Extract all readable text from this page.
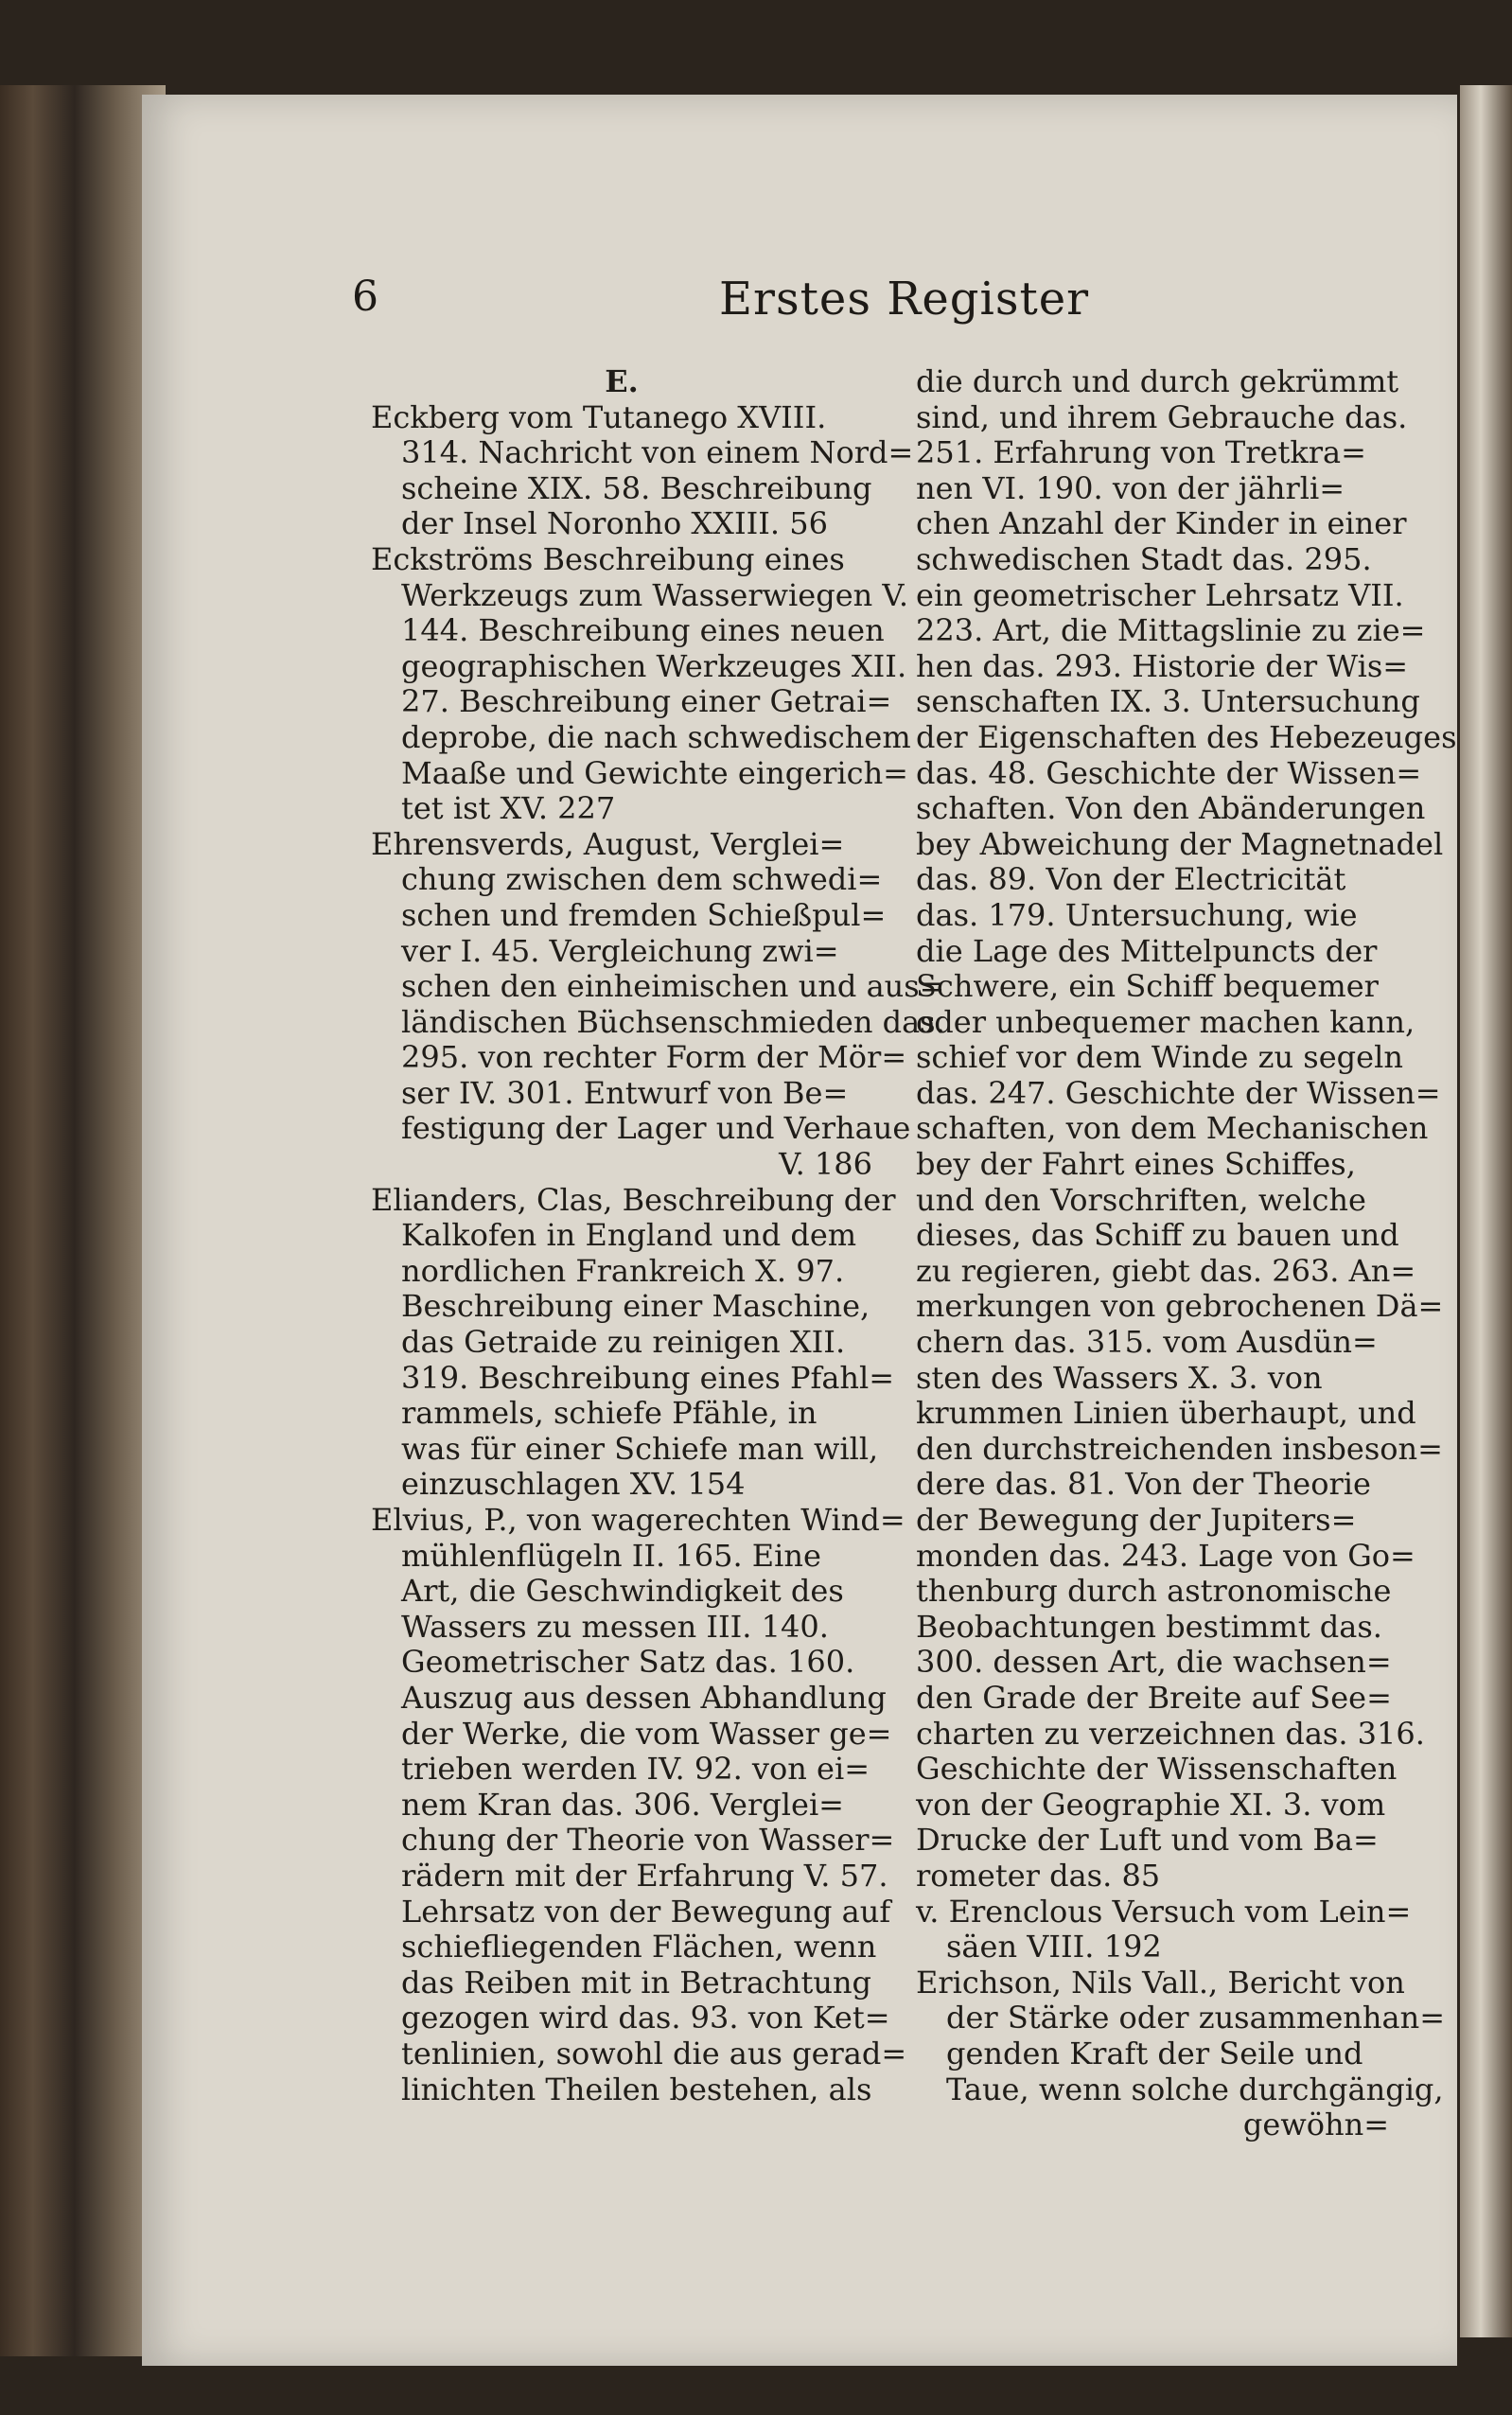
6	Erstes Register
E.
Eckberg vom Tutanego XVIII.
314. Nachricht von einem Nord=
scheine XIX. 58. Beschreibung
der Insel Noronho XXIII. 56
Eckströms Beschreibung eines
Werkzeugs zum Wasserwiegen V.
144. Beschreibung eines neuen
geographischen Werkzeuges XII.
27. Beschreibung einer Getrai=
deprobe, die nach schwedischem
Maaße und Gewichte eingerich=
tet ist XV. 227
Ehrensverds, August, Verglei=
chung zwischen dem schwedi=
schen und fremden Schießpul=
ver I. 45. Vergleichung zwi=
schen den einheimischen und aus=
ländischen Büchsenschmieden das.
295. von rechter Form der Mör=
ser IV. 301. Entwurf von Be=
festigung der Lager und Verhaue
V. 186
Elianders, Clas, Beschreibung der
Kalkofen in England und dem
nordlichen Frankreich X. 97.
Beschreibung einer Maschine,
das Getraide zu reinigen XII.
319. Beschreibung eines Pfahl=
rammels, schiefe Pfähle, in
was für einer Schiefe man will,
einzuschlagen XV. 154
Elvius, P., von wagerechten Wind=
mühlenflügeln II. 165. Eine
Art, die Geschwindigkeit des
Wassers zu messen III. 140.
Geometrischer Satz das. 160.
Auszug aus dessen Abhandlung
der Werke, die vom Wasser ge=
trieben werden IV. 92. von ei=
nem Kran das. 306. Verglei=
chung der Theorie von Wasser=
rädern mit der Erfahrung V. 57.
Lehrsatz von der Bewegung auf
schiefliegenden Flächen, wenn
das Reiben mit in Betrachtung
gezogen wird das. 93. von Ket=
tenlinien, sowohl die aus gerad=
linichten Theilen bestehen, als
die durch und durch gekrümmt
sind, und ihrem Gebrauche das.
251. Erfahrung von Tretkra=
nen VI. 190. von der jährli=
chen Anzahl der Kinder in einer
schwedischen Stadt das. 295.
ein geometrischer Lehrsatz VII.
223. Art, die Mittagslinie zu zie=
hen das. 293. Historie der Wis=
senschaften IX. 3. Untersuchung
der Eigenschaften des Hebezeuges
das. 48. Geschichte der Wissen=
schaften. Von den Abänderungen
bey Abweichung der Magnetnadel
das. 89. Von der Electricität
das. 179. Untersuchung, wie
die Lage des Mittelpuncts der
Schwere, ein Schiff bequemer
oder unbequemer machen kann,
schief vor dem Winde zu segeln
das. 247. Geschichte der Wissen=
schaften, von dem Mechanischen
bey der Fahrt eines Schiffes,
und den Vorschriften, welche
dieses, das Schiff zu bauen und
zu regieren, giebt das. 263. An=
merkungen von gebrochenen Dä=
chern das. 315. vom Ausdün=
sten des Wassers X. 3. von
krummen Linien überhaupt, und
den durchstreichenden insbeson=
dere das. 81. Von der Theorie
der Bewegung der Jupiters=
monden das. 243. Lage von Go=
thenburg durch astronomische
Beobachtungen bestimmt das.
300. dessen Art, die wachsen=
den Grade der Breite auf See=
charten zu verzeichnen das. 316.
Geschichte der Wissenschaften
von der Geographie XI. 3. vom
Drucke der Luft und vom Ba=
rometer das. 85
v. Erenclous Versuch vom Lein=
säen VIII. 192
Erichson, Nils Vall., Bericht von
der Stärke oder zusammenhan=
genden Kraft der Seile und
Taue, wenn solche durchgängig,
gewöhn=
